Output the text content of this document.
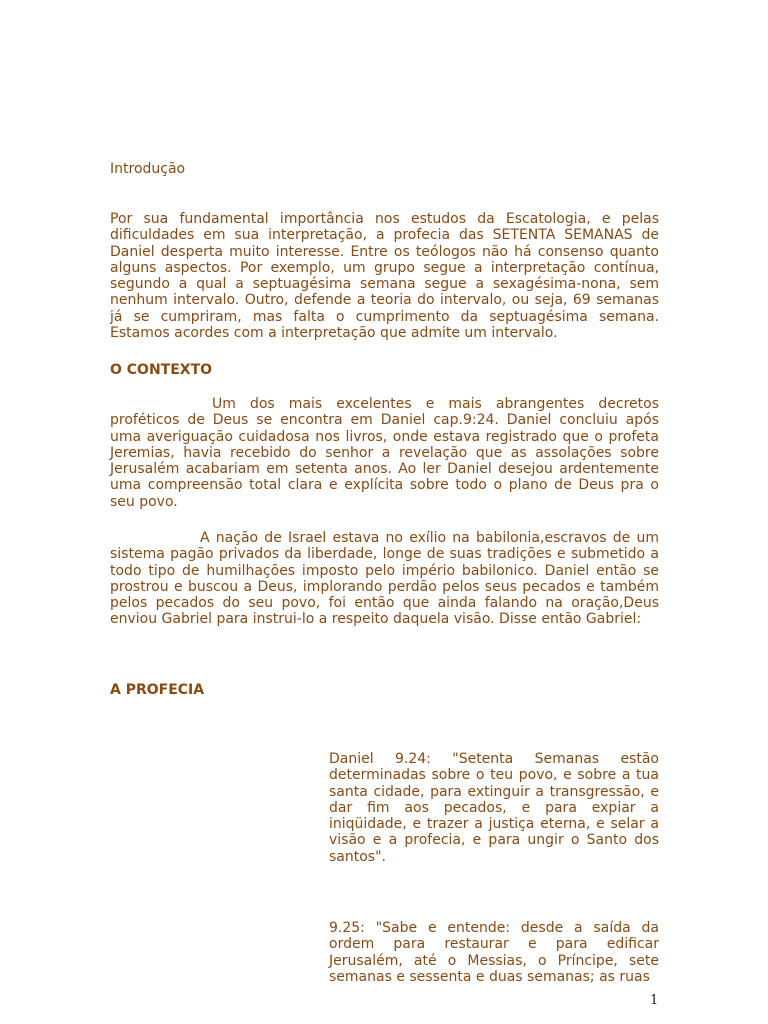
Introdução
Por sua fundamental importância nos estudos da Escatologia, e pelas dificuldades em sua interpretação, a profecia das SETENTA SEMANAS de Daniel desperta muito interesse. Entre os teólogos não há consenso quanto alguns aspectos. Por exemplo, um grupo segue a interpretação contínua, segundo a qual a septuagésima semana segue a sexagésima-nona, sem nenhum intervalo. Outro, defende a teoria do intervalo, ou seja, 69 semanas já se cumpriram, mas falta o cumprimento da septuagésima semana. Estamos acordes com a interpretação que admite um intervalo.
O CONTEXTO
Um dos mais excelentes e mais abrangentes decretos proféticos de Deus se encontra em Daniel cap.9:24. Daniel concluiu após uma averiguação cuidadosa nos livros, onde estava registrado que o profeta Jeremias, havia recebido do senhor a revelação que as assolações sobre Jerusalém acabariam em setenta anos. Ao ler Daniel desejou ardentemente uma compreensão total clara e explícita sobre todo o plano de Deus pra o seu povo.
A nação de Israel estava no exílio na babilonia,escravos de um sistema pagão privados da liberdade, longe de suas tradições e submetido a todo tipo de humilhações imposto pelo império babilonico. Daniel então se prostrou e buscou a Deus, implorando perdão pelos seus pecados e também pelos pecados do seu povo, foi então que ainda falando na oração,Deus enviou Gabriel para instrui-lo a respeito daquela visão. Disse então Gabriel:
A PROFECIA
Daniel 9.24: "Setenta Semanas estão determinadas sobre o teu povo, e sobre a tua santa cidade, para extinguir a transgressão, e dar fim aos pecados, e para expiar a iniqüidade, e trazer a justiça eterna, e selar a visão e a profecia, e para ungir o Santo dos santos".
9.25: "Sabe e entende: desde a saída da ordem para restaurar e para edificar Jerusalém, até o Messias, o Príncipe, sete semanas e sessenta e duas semanas; as ruas
1
